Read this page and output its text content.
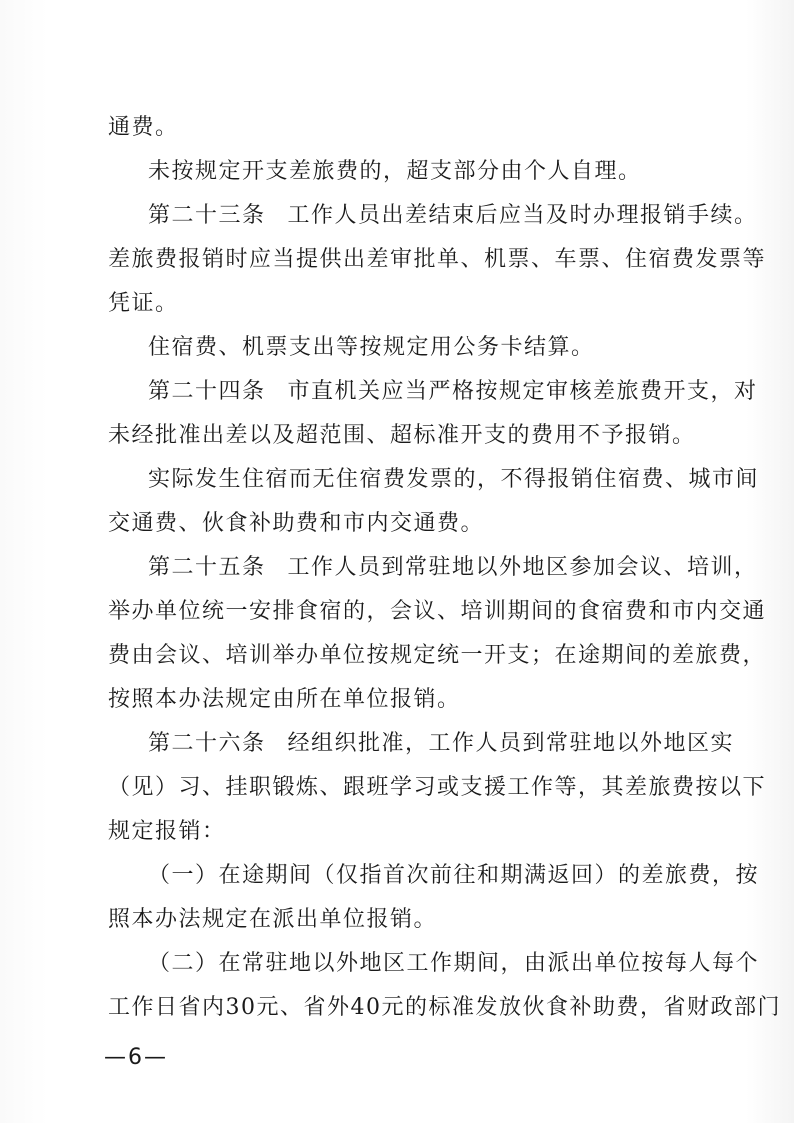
通费。
未按规定开支差旅费的，超支部分由个人自理。
第二十三条 工作人员出差结束后应当及时办理报销手续。
差旅费报销时应当提供出差审批单、机票、车票、住宿费发票等
凭证。
住宿费、机票支出等按规定用公务卡结算。
第二十四条 市直机关应当严格按规定审核差旅费开支，对
未经批准出差以及超范围、超标准开支的费用不予报销。
实际发生住宿而无住宿费发票的，不得报销住宿费、城市间
交通费、伙食补助费和市内交通费。
第二十五条 工作人员到常驻地以外地区参加会议、培训，
举办单位统一安排食宿的，会议、培训期间的食宿费和市内交通
费由会议、培训举办单位按规定统一开支；在途期间的差旅费，
按照本办法规定由所在单位报销。
第二十六条 经组织批准，工作人员到常驻地以外地区实
（见）习、挂职锻炼、跟班学习或支援工作等，其差旅费按以下
规定报销：
（一）在途期间（仅指首次前往和期满返回）的差旅费，按
照本办法规定在派出单位报销。
（二）在常驻地以外地区工作期间，由派出单位按每人每个
工作日省内30元、省外40元的标准发放伙食补助费，省财政部门
—6—
